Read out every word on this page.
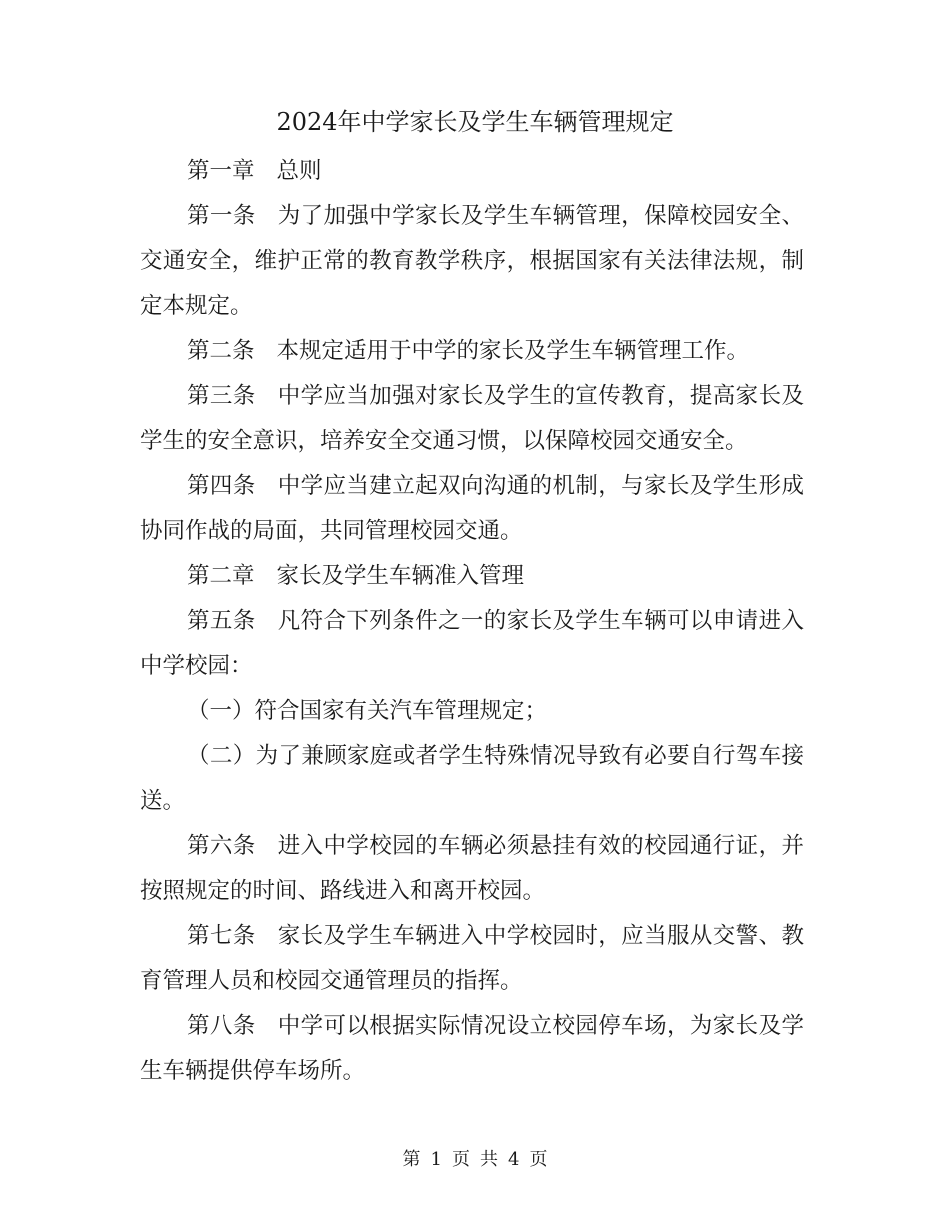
2024年中学家长及学生车辆管理规定

第一章 总则

第一条 为了加强中学家长及学生车辆管理，保障校园安全、交通安全，维护正常的教育教学秩序，根据国家有关法律法规，制定本规定。

第二条 本规定适用于中学的家长及学生车辆管理工作。

第三条 中学应当加强对家长及学生的宣传教育，提高家长及学生的安全意识，培养安全交通习惯，以保障校园交通安全。

第四条 中学应当建立起双向沟通的机制，与家长及学生形成协同作战的局面，共同管理校园交通。

第二章 家长及学生车辆准入管理

第五条 凡符合下列条件之一的家长及学生车辆可以申请进入中学校园：

（一）符合国家有关汽车管理规定；

（二）为了兼顾家庭或者学生特殊情况导致有必要自行驾车接送。

第六条 进入中学校园的车辆必须悬挂有效的校园通行证，并按照规定的时间、路线进入和离开校园。

第七条 家长及学生车辆进入中学校园时，应当服从交警、教育管理人员和校园交通管理员的指挥。

第八条 中学可以根据实际情况设立校园停车场，为家长及学生车辆提供停车场所。

第 1 页 共 4 页
